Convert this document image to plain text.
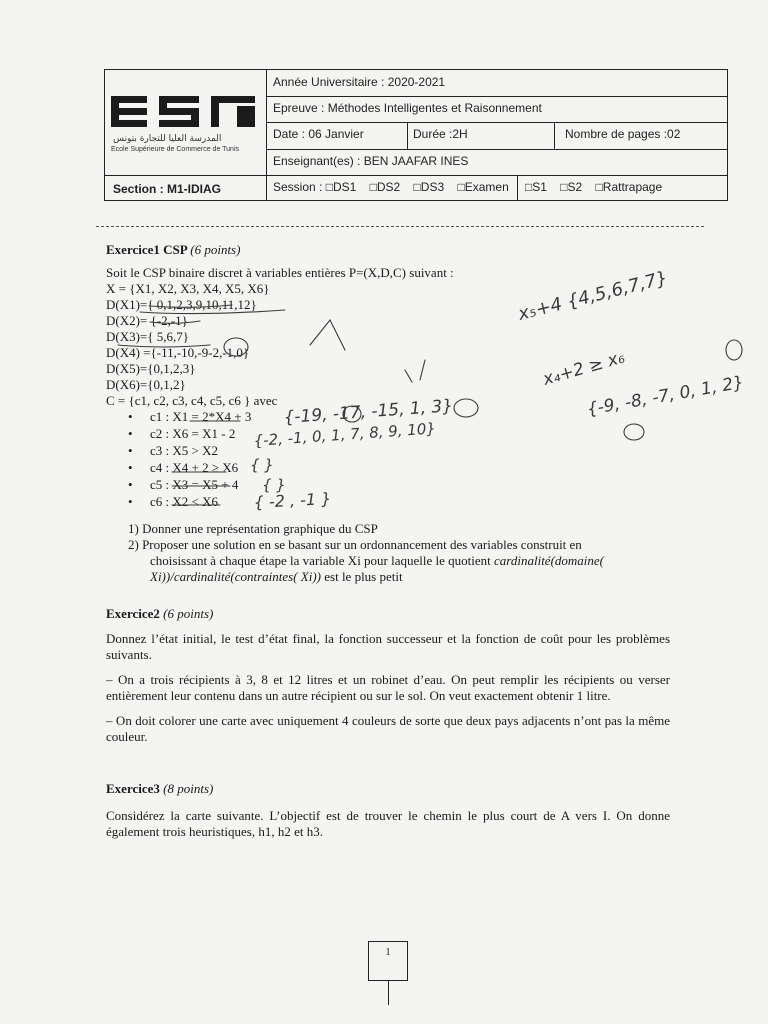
المدرسة العليا للتجارة بتونس
Ecole Supérieure de Commerce de Tunis
Année Universitaire : 2020-2021
Epreuve : Méthodes Intelligentes et Raisonnement
Date : 06 Janvier	Durée :2H	Nombre de pages :02
Enseignant(es) : BEN JAAFAR INES
Section : M1-IDIAG	Session : □DS1    □DS2    □DS3    □Examen □S1    □S2    □Rattrapage
Exercice1 CSP (6 points)
Soit le CSP binaire discret à variables entières P=(X,D,C) suivant :
X = {X1, X2, X3, X4, X5, X6}
D(X1)={ 0,1,2,3,9,10,11,12}
D(X2)= {-2,-1}
D(X3)={ 5,6,7}
D(X4) ={-11,-10,-9-2,-1,0}
D(X5)={0,1,2,3}
D(X6)={0,1,2}
C = {c1, c2, c3, c4, c5, c6 } avec
• c1 : X1 = 2*X4 + 3
• c2 : X6 = X1 - 2
• c3 : X5 > X2
• c4 : X4 + 2 ≥ X6
• c5 : X3 = X5 + 4
• c6 : X2 < X6
1) Donner une représentation graphique du CSP
2) Proposer une solution en se basant sur un ordonnancement des variables construit en
choisissant à chaque étape la variable Xi pour laquelle le quotient cardinalité(domaine(
Xi))/cardinalité(contraintes( Xi)) est le plus petit
Exercice2 (6 points)
Donnez l’état initial, le test d’état final, la fonction successeur et la fonction de coût pour les problèmes suivants.
– On a trois récipients à 3, 8 et 12 litres et un robinet d’eau. On peut remplir les récipients ou verser entièrement leur contenu dans un autre récipient ou sur le sol. On veut exactement obtenir 1 litre.
– On doit colorer une carte avec uniquement 4 couleurs de sorte que deux pays adjacents n’ont pas la même couleur.
Exercice3 (8 points)
Considérez la carte suivante. L’objectif est de trouver le chemin le plus court de A vers I. On donne également trois heuristiques, h1, h2 et h3.
x₅+4 {4,5,6,7,7}
x₄+2 ≥ x₆
{-9, -8, -7, 0, 1, 2}
{-19, -17, -15, 1, 3}
{-2, -1, 0, 1, 7, 8, 9, 10}
{ }
{ }
{ -2 , -1 }
1
